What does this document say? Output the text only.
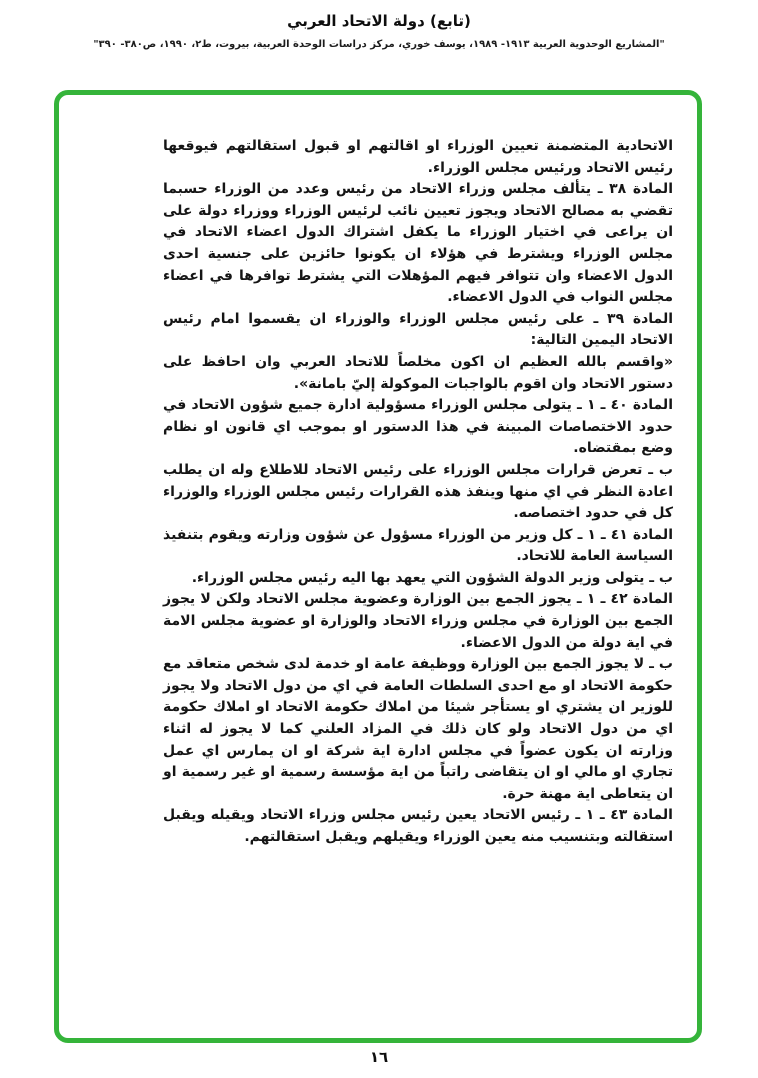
(تابع) دولة الاتحاد العربي
"المشاريع الوحدوية العربية ١٩١٣- ١٩٨٩، يوسف خوري، مركز دراسات الوحدة العربية، بيروت، ط٢، ١٩٩٠، ص٣٨٠- ٣٩٠"

الاتحادية المتضمنة تعيين الوزراء او اقالتهم او قبول استقالتهم فيوقعها رئيس الاتحاد ورئيس مجلس الوزراء.

المادة ٣٨ ـ يتألف مجلس وزراء الاتحاد من رئيس وعدد من الوزراء حسبما تقضي به مصالح الاتحاد ويجوز تعيين نائب لرئيس الوزراء ووزراء دولة على ان يراعى في اختيار الوزراء ما يكفل اشتراك الدول اعضاء الاتحاد في مجلس الوزراء ويشترط في هؤلاء ان يكونوا حائزين على جنسية احدى الدول الاعضاء وان تتوافر فيهم المؤهلات التي يشترط توافرها في اعضاء مجلس النواب في الدول الاعضاء.

المادة ٣٩ ـ على رئيس مجلس الوزراء والوزراء ان يقسموا امام رئيس الاتحاد اليمين التالية:

«واقسم بالله العظيم ان اكون مخلصاً للاتحاد العربي وان احافظ على دستور الاتحاد وان اقوم بالواجبات الموكولة إليّ بامانة».

المادة ٤٠ ـ ١ ـ يتولى مجلس الوزراء مسؤولية ادارة جميع شؤون الاتحاد في حدود الاختصاصات المبينة في هذا الدستور او بموجب اي قانون او نظام وضع بمقتضاه.

ب ـ تعرض قرارات مجلس الوزراء على رئيس الاتحاد للاطلاع وله ان يطلب اعادة النظر في اي منها وينفذ هذه القرارات رئيس مجلس الوزراء والوزراء كل في حدود اختصاصه.

المادة ٤١ ـ ١ ـ كل وزير من الوزراء مسؤول عن شؤون وزارته ويقوم بتنفيذ السياسة العامة للاتحاد.

ب ـ يتولى وزير الدولة الشؤون التي يعهد بها اليه رئيس مجلس الوزراء.

المادة ٤٢ ـ ١ ـ يجوز الجمع بين الوزارة وعضوية مجلس الاتحاد ولكن لا يجوز الجمع بين الوزارة في مجلس وزراء الاتحاد والوزارة او عضوية مجلس الامة في اية دولة من الدول الاعضاء.

ب ـ لا يجوز الجمع بين الوزارة ووظيفة عامة او خدمة لدى شخص متعاقد مع حكومة الاتحاد او مع احدى السلطات العامة في اي من دول الاتحاد ولا يجوز للوزير ان يشتري او يستأجر شيئا من املاك حكومة الاتحاد او املاك حكومة اي من دول الاتحاد ولو كان ذلك في المزاد العلني كما لا يجوز له اثناء وزارته ان يكون عضواً في مجلس ادارة اية شركة او ان يمارس اي عمل تجاري او مالي او ان يتقاضى راتباً من اية مؤسسة رسمية او غير رسمية او ان يتعاطى اية مهنة حرة.

المادة ٤٣ ـ ١ ـ رئيس الاتحاد يعين رئيس مجلس وزراء الاتحاد ويقيله ويقبل استقالته وبتنسيب منه يعين الوزراء ويقيلهم ويقبل استقالتهم.

١٦
